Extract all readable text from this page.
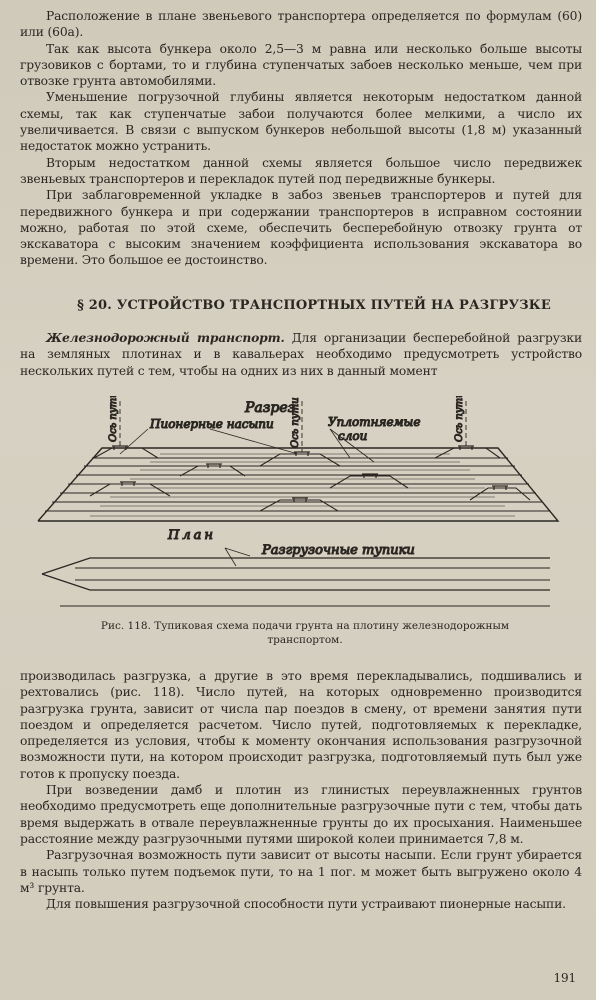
Расположение в плане звеньевого транспортера определяется по формулам (60) или (60а).

Так как высота бункера около 2,5—3 м равна или несколько больше высоты грузовиков с бортами, то и глубина ступенчатых забоев несколько меньше, чем при отвозке грунта автомобилями.

Уменьшение погрузочной глубины является некоторым недостатком данной схемы, так как ступенчатые забои получаются более мелкими, а число их увеличивается. В связи с выпуском бункеров небольшой высоты (1,8 м) указанный недостаток можно устранить.

Вторым недостатком данной схемы является большое число передвижек звеньевых транспортеров и перекладок путей под передвижные бункеры.

При заблаговременной укладке в забоз звеньев транспортеров и путей для передвижного бункера и при содержании транспортеров в исправном состоянии можно, работая по этой схеме, обеспечить бесперебойную отвозку грунта от экскаватора с высоким значением коэффициента использования экскаватора во времени. Это большое ее достоинство.

§ 20. УСТРОЙСТВО ТРАНСПОРТНЫХ ПУТЕЙ НА РАЗГРУЗКЕ

Железнодорожный транспорт. Для организации бесперебойной разгрузки на земляных плотинах и в кавальерах необходимо предусмотреть устройство нескольких путей с тем, чтобы на одних из них в данный момент

Разрез
Пионерные насыпи	Уплотняемые
слои
Ось пути	Ось пути	Ось пути
План
Разгрузочные тупики
Рис. 118. Тупиковая схема подачи грунта на плотину железнодорожным
транспортом.

производилась разгрузка, а другие в это время перекладывались, подшивались и рехтовались (рис. 118). Число путей, на которых одновременно производится разгрузка грунта, зависит от числа пар поездов в смену, от времени занятия пути поездом и определяется расчетом. Число путей, подготовляемых к перекладке, определяется из условия, чтобы к моменту окончания использования разгрузочной возможности пути, на котором происходит разгрузка, подготовляемый путь был уже готов к пропуску поезда.

При возведении дамб и плотин из глинистых переувлажненных грунтов необходимо предусмотреть еще дополнительные разгрузочные пути с тем, чтобы дать время выдержать в отвале переувлажненные грунты до их просыхания. Наименьшее расстояние между разгрузочными путями широкой колеи принимается 7,8 м.

Разгрузочная возможность пути зависит от высоты насыпи. Если грунт убирается в насыпь только путем подъемок пути, то на 1 пог. м может быть выгружено около 4 м³ грунта.

Для повышения разгрузочной способности пути устраивают пионерные насыпи.

191
